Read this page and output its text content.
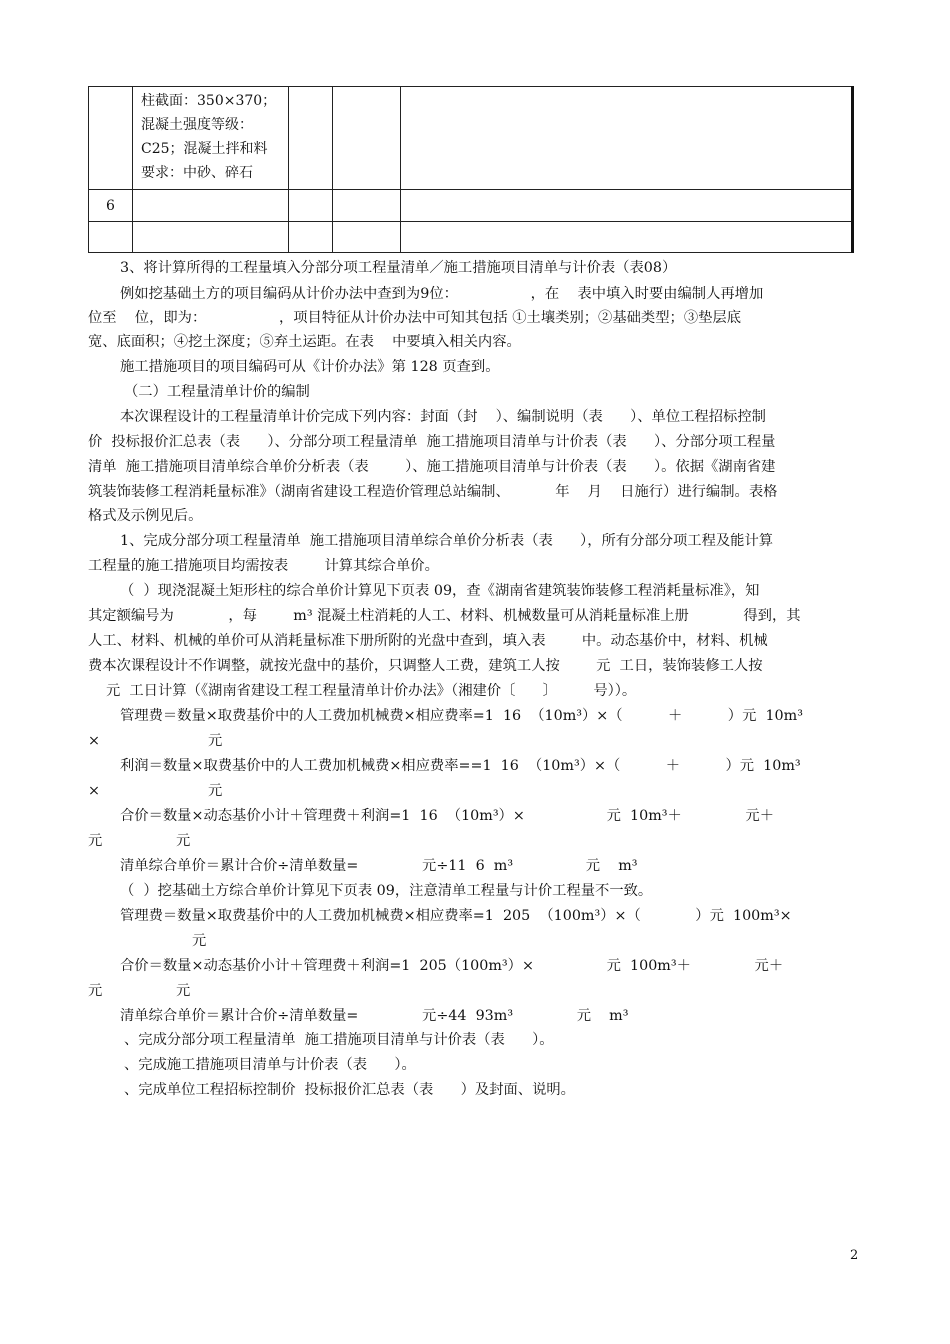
	柱截面：350×370；
混凝土强度等级：
C25；混凝土拌和料
要求：中砂、碎石			

6				

3、将计算所得的工程量填入分部分项工程量清单／施工措施项目清单与计价表（表08）
例如挖基础土方的项目编码从计价办法中查到为9位：                ，在    表中填入时要由编制人再增加
位至    位，即为：                ，项目特征从计价办法中可知其包括 ①土壤类别；②基础类型；③垫层底
宽、底面积；④挖土深度；⑤弃土运距。在表    中要填入相关内容。
施工措施项目的项目编码可从《计价办法》第 128 页查到。
（二）工程量清单计价的编制
本次课程设计的工程量清单计价完成下列内容：封面（封    ）、编制说明（表      ）、单位工程招标控制
价  投标报价汇总表（表      ）、分部分项工程量清单  施工措施项目清单与计价表（表      ）、分部分项工程量
清单  施工措施项目清单综合单价分析表（表        ）、施工措施项目清单与计价表（表      ）。依据《湖南省建
筑装饰装修工程消耗量标准》（湖南省建设工程造价管理总站编制、          年    月    日施行）进行编制。表格
格式及示例见后。
1、完成分部分项工程量清单  施工措施项目清单综合单价分析表（表      ），所有分部分项工程及能计算
工程量的施工措施项目均需按表        计算其综合单价。
（  ）现浇混凝土矩形柱的综合单价计算见下页表 09，查《湖南省建筑装饰装修工程消耗量标准》，知
其定额编号为            ，每        m³ 混凝土柱消耗的人工、材料、机械数量可从消耗量标准上册            得到，其
人工、材料、机械的单价可从消耗量标准下册所附的光盘中查到，填入表        中。动态基价中，材料、机械
费本次课程设计不作调整，就按光盘中的基价，只调整人工费，建筑工人按        元  工日，装饰装修工人按
元  工日计算（《湖南省建设工程工程量清单计价办法》（湘建价〔      〕        号））。
管理费＝数量×取费基价中的人工费加机械费×相应费率=1  16  （10m³）×（          ＋          ）元  10m³
×	元
利润＝数量×取费基价中的人工费加机械费×相应费率==1  16  （10m³）×（          ＋          ）元  10m³
×	元
合价＝数量×动态基价小计＋管理费＋利润=1  16  （10m³）×                  元  10m³＋              元＋
元	元
清单综合单价＝累计合价÷清单数量=              元÷11  6  m³                元    m³
（  ）挖基础土方综合单价计算见下页表 09，注意清单工程量与计价工程量不一致。
管理费＝数量×取费基价中的人工费加机械费×相应费率=1  205  （100m³）×（            ）元  100m³×
元
合价＝数量×动态基价小计＋管理费＋利润=1  205（100m³）×                元  100m³＋              元＋
元	元
清单综合单价＝累计合价÷清单数量=              元÷44  93m³              元    m³
、完成分部分项工程量清单  施工措施项目清单与计价表（表      ）。
、完成施工措施项目清单与计价表（表      ）。
、完成单位工程招标控制价  投标报价汇总表（表      ）及封面、说明。
2
